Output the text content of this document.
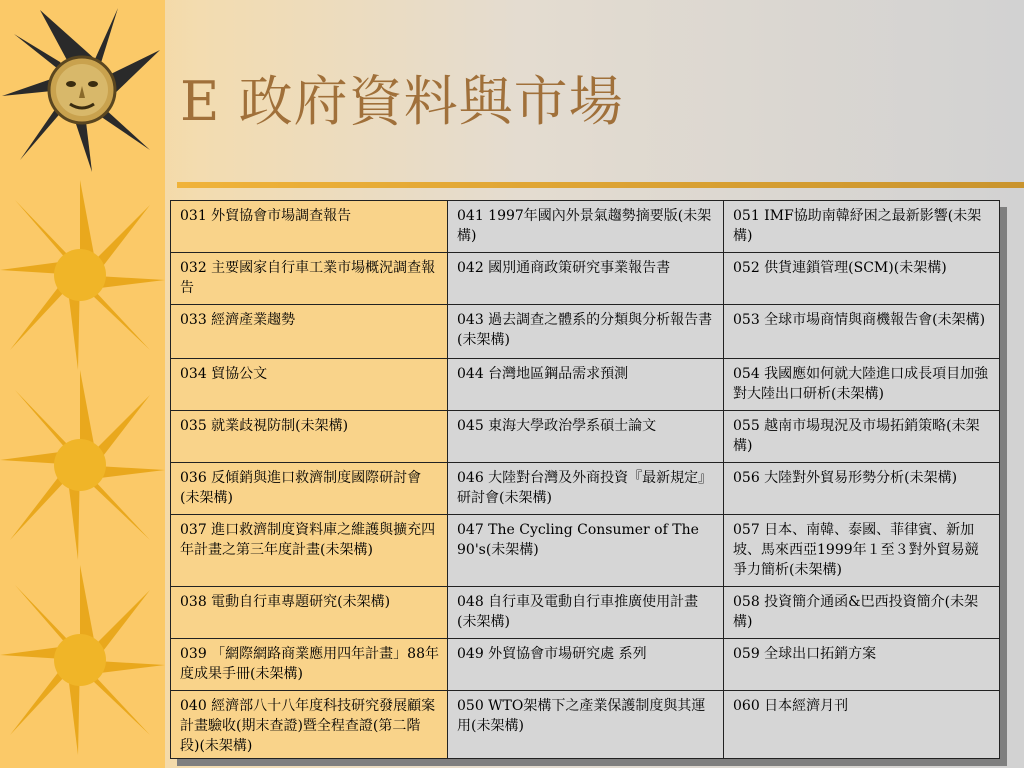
E 政府資料與市場
031 外貿協會市場調查報告	041 1997年國內外景氣趨勢摘要版(未架構)	051 IMF協助南韓紓困之最新影響(未架構)
032 主要國家自行車工業市場概況調查報告	042 國別通商政策研究事業報告書	052 供貨連鎖管理(SCM)(未架構)
033 經濟產業趨勢	043 過去調查之體系的分類與分析報告書(未架構)	053 全球市場商情與商機報告會(未架構)
034 貿協公文	044 台灣地區鋼品需求預測	054 我國應如何就大陸進口成長項目加強對大陸出口研析(未架構)
035 就業歧視防制(未架構)	045 東海大學政治學系碩士論文	055 越南市場現況及市場拓銷策略(未架構)
036 反傾銷與進口救濟制度國際研討會(未架構)	046 大陸對台灣及外商投資『最新規定』研討會(未架構)	056 大陸對外貿易形勢分析(未架構)
037 進口救濟制度資料庫之維護與擴充四年計畫之第三年度計畫(未架構)	047 The Cycling Consumer of The 90's(未架構)	057 日本、南韓、泰國、菲律賓、新加坡、馬來西亞1999年１至３對外貿易競爭力簡析(未架構)
038 電動自行車專題研究(未架構)	048 自行車及電動自行車推廣使用計畫(未架構)	058 投資簡介通函&巴西投資簡介(未架構)
039 「網際網路商業應用四年計畫」88年度成果手冊(未架構)	049 外貿協會市場研究處 系列	059 全球出口拓銷方案
040 經濟部八十八年度科技研究發展顧案計畫驗收(期末查證)暨全程查證(第二階段)(未架構)	050 WTO架構下之產業保護制度與其運用(未架構)	060 日本經濟月刊
